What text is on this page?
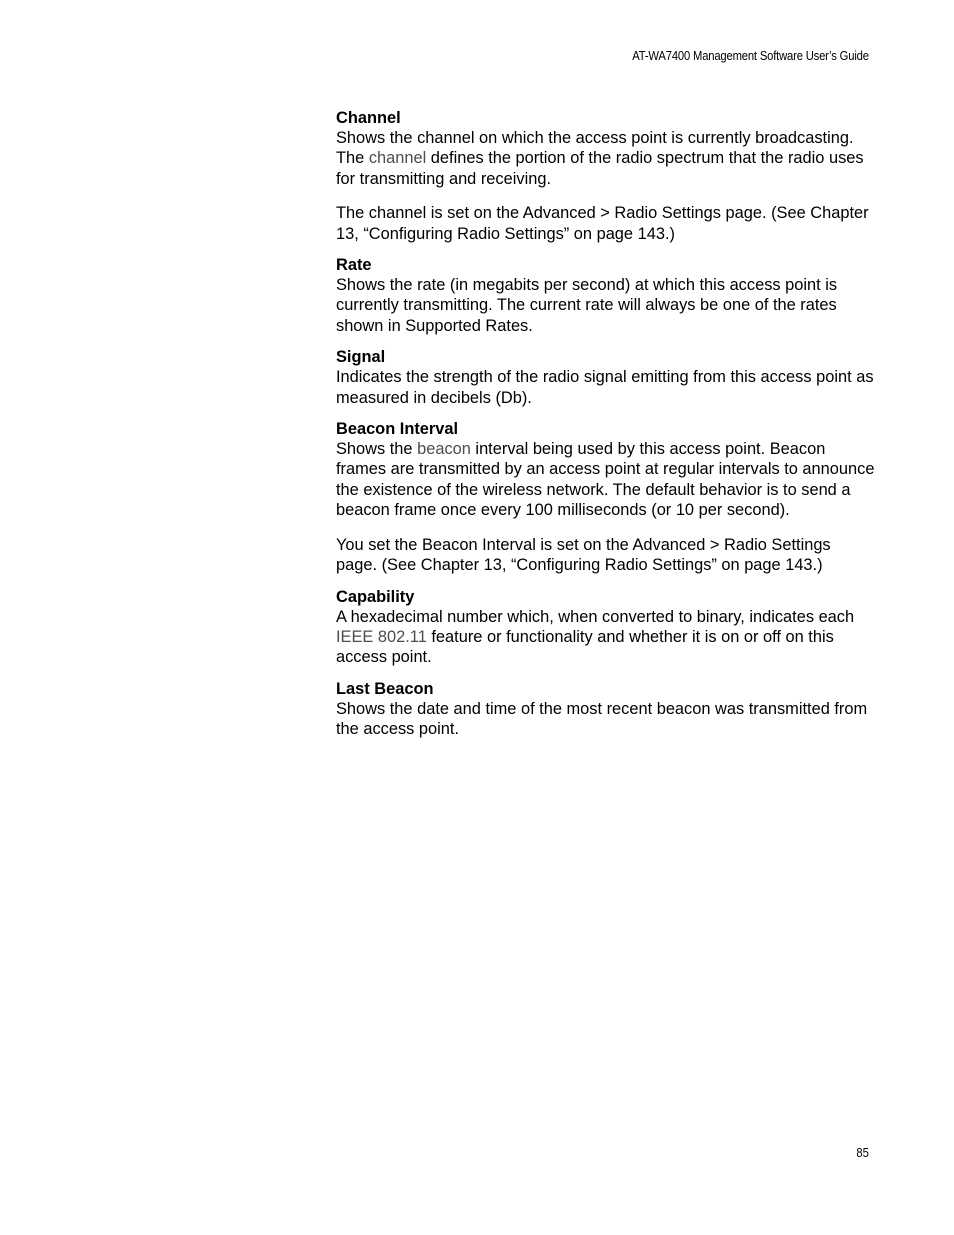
AT-WA7400 Management Software User’s Guide

Channel

Shows the channel on which the access point is currently broadcasting. The channel defines the portion of the radio spectrum that the radio uses for transmitting and receiving.

The channel is set on the Advanced > Radio Settings page. (See Chapter 13, “Configuring Radio Settings” on page 143.)

Rate

Shows the rate (in megabits per second) at which this access point is currently transmitting. The current rate will always be one of the rates shown in Supported Rates.

Signal

Indicates the strength of the radio signal emitting from this access point as measured in decibels (Db).

Beacon Interval

Shows the beacon interval being used by this access point. Beacon frames are transmitted by an access point at regular intervals to announce the existence of the wireless network. The default behavior is to send a beacon frame once every 100 milliseconds (or 10 per second).

You set the Beacon Interval is set on the Advanced > Radio Settings page. (See Chapter 13, “Configuring Radio Settings” on page 143.)

Capability

A hexadecimal number which, when converted to binary, indicates each IEEE 802.11 feature or functionality and whether it is on or off on this access point.

Last Beacon

Shows the date and time of the most recent beacon was transmitted from the access point.

85
